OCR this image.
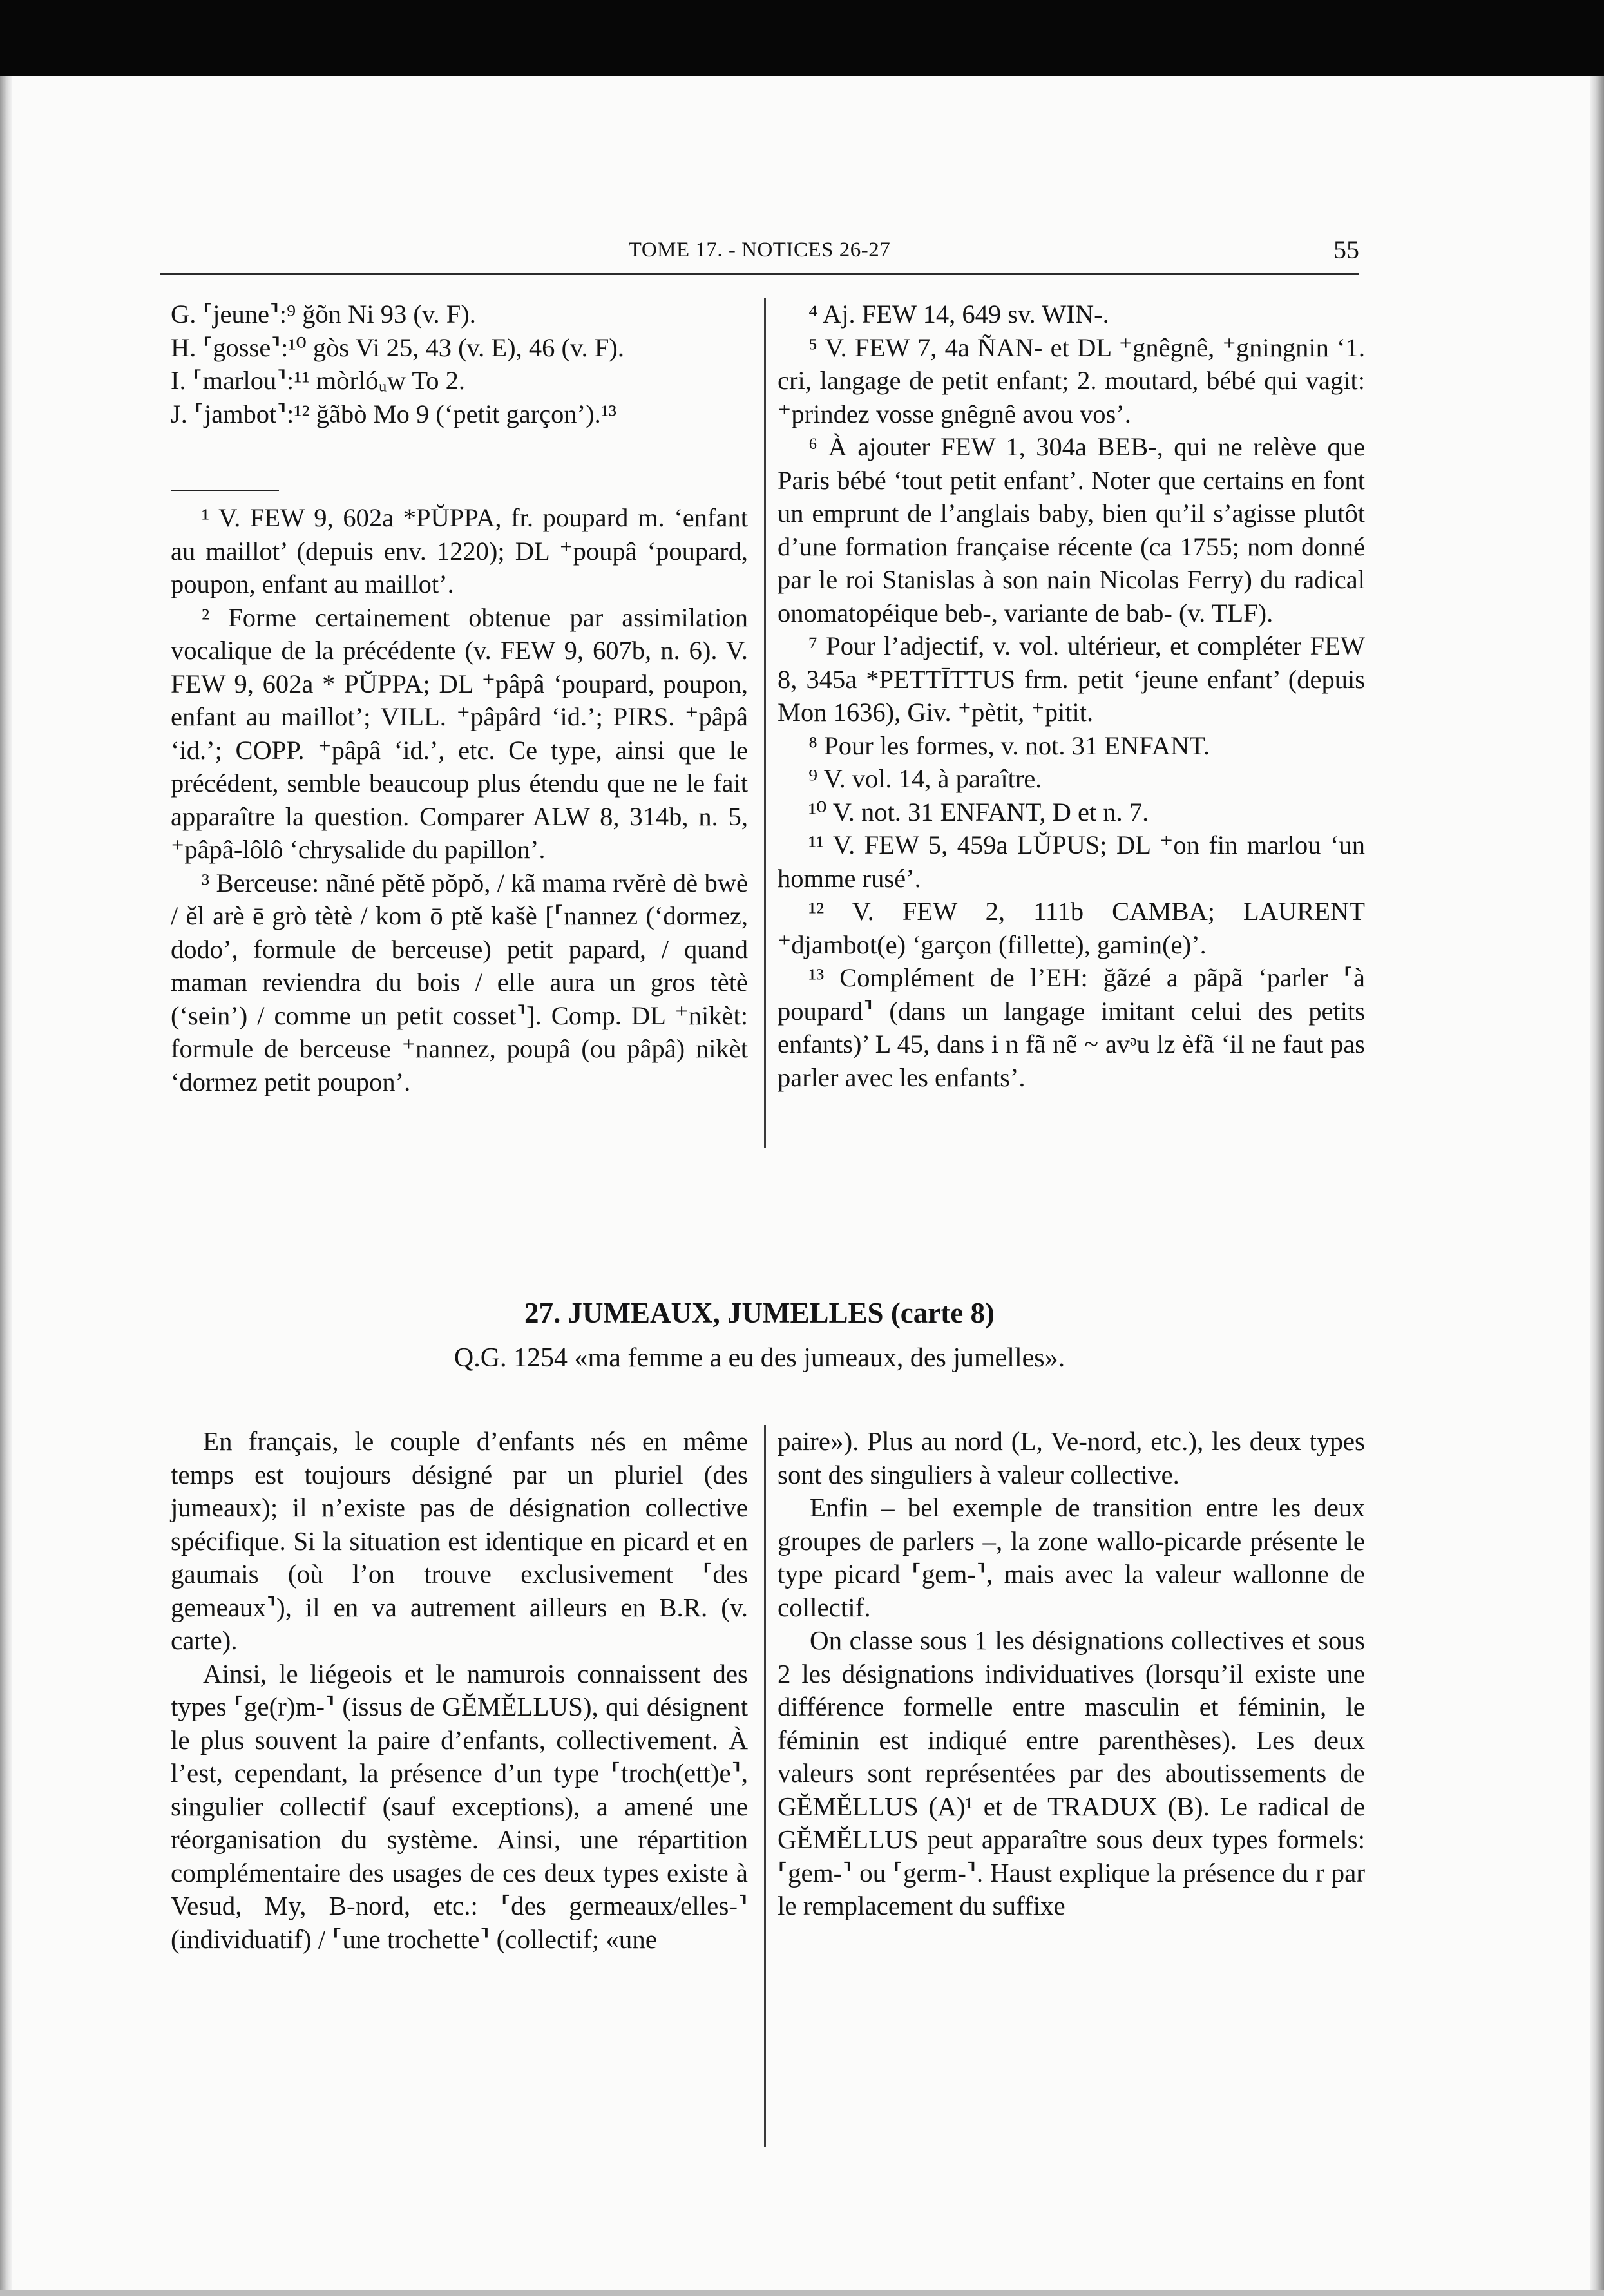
TOME 17. - NOTICES 26-27	55

G. ⸢jeune⸣:⁹ ğõn Ni 93 (v. F).

H. ⸢gosse⸣:¹⁰ gòs Vi 25, 43 (v. E), 46 (v. F).

I. ⸢marlou⸣:¹¹ mòrlóᵤw To 2.

J. ⸢jambot⸣:¹² ğãbò Mo 9 (‘petit garçon’).¹³

¹ V. FEW 9, 602a *PŬPPA, fr. poupard m. ‘enfant au maillot’ (depuis env. 1220); DL ⁺poupâ ‘poupard, poupon, enfant au maillot’.

² Forme certainement obtenue par assimilation vocalique de la précédente (v. FEW 9, 607b, n. 6). V. FEW 9, 602a * PŬPPA; DL ⁺pâpâ ‘poupard, poupon, enfant au maillot’; VILL. ⁺pâpârd ‘id.’; PIRS. ⁺pâpâ ‘id.’; COPP. ⁺pâpâ ‘id.’, etc. Ce type, ainsi que le précédent, semble beaucoup plus étendu que ne le fait apparaître la question. Comparer ALW 8, 314b, n. 5, ⁺pâpâ-lôlô ‘chrysalide du papillon’.

³ Berceuse: nãné pětě pǒpǒ, / kã mama rvěrè dè bwè / ěl arè ē grò tètè / kom ō ptě kašè [⸢nannez (‘dormez, dodo’, formule de berceuse) petit papard, / quand maman reviendra du bois / elle aura un gros tètè (‘sein’) / comme un petit cosset⸣]. Comp. DL ⁺nikèt: formule de berceuse ⁺nannez, poupâ (ou pâpâ) nikèt ‘dormez petit poupon’.

⁴ Aj. FEW 14, 649 sv. WIN-.

⁵ V. FEW 7, 4a ÑAN- et DL ⁺gnêgnê, ⁺gningnin ‘1. cri, langage de petit enfant; 2. moutard, bébé qui vagit: ⁺prindez vosse gnêgnê avou vos’.

⁶ À ajouter FEW 1, 304a BEB-, qui ne relève que Paris bébé ‘tout petit enfant’. Noter que certains en font un emprunt de l’anglais baby, bien qu’il s’agisse plutôt d’une formation française récente (ca 1755; nom donné par le roi Stanislas à son nain Nicolas Ferry) du radical onomatopéique beb-, variante de bab- (v. TLF).

⁷ Pour l’adjectif, v. vol. ultérieur, et compléter FEW 8, 345a *PETTĪTTUS frm. petit ‘jeune enfant’ (depuis Mon 1636), Giv. ⁺pètit, ⁺pitit.

⁸ Pour les formes, v. not. 31 ENFANT.

⁹ V. vol. 14, à paraître.

¹⁰ V. not. 31 ENFANT, D et n. 7.

¹¹ V. FEW 5, 459a LŬPUS; DL ⁺on fin marlou ‘un homme rusé’.

¹² V. FEW 2, 111b CAMBA; LAURENT ⁺djambot(e) ‘garçon (fillette), gamin(e)’.

¹³ Complément de l’EH: ğãzé a pãpã ‘parler ⸢à poupard⸣ (dans un langage imitant celui des petits enfants)’ L 45, dans i n fã nẽ ~ avᵊu lz èfã ‘il ne faut pas parler avec les enfants’.

27. JUMEAUX, JUMELLES (carte 8)
Q.G. 1254 «ma femme a eu des jumeaux, des jumelles».

En français, le couple d’enfants nés en même temps est toujours désigné par un pluriel (des jumeaux); il n’existe pas de désignation collective spécifique. Si la situation est identique en picard et en gaumais (où l’on trouve exclusivement ⸢des gemeaux⸣), il en va autrement ailleurs en B.R. (v. carte).

Ainsi, le liégeois et le namurois connaissent des types ⸢ge(r)m-⸣ (issus de GĔMĔLLUS), qui désignent le plus souvent la paire d’enfants, collectivement. À l’est, cependant, la présence d’un type ⸢troch(ett)e⸣, singulier collectif (sauf exceptions), a amené une réorganisation du système. Ainsi, une répartition complémentaire des usages de ces deux types existe à Vesud, My, B-nord, etc.: ⸢des germeaux/elles-⸣ (individuatif) / ⸢une trochette⸣ (collectif; «une

paire»). Plus au nord (L, Ve-nord, etc.), les deux types sont des singuliers à valeur collective.

Enfin – bel exemple de transition entre les deux groupes de parlers –, la zone wallo-picarde présente le type picard ⸢gem-⸣, mais avec la valeur wallonne de collectif.

On classe sous 1 les désignations collectives et sous 2 les désignations individuatives (lorsqu’il existe une différence formelle entre masculin et féminin, le féminin est indiqué entre parenthèses). Les deux valeurs sont représentées par des aboutissements de GĔMĔLLUS (A)¹ et de TRADUX (B). Le radical de GĔMĔLLUS peut apparaître sous deux types formels: ⸢gem-⸣ ou ⸢germ-⸣. Haust explique la présence du r par le remplacement du suffixe
